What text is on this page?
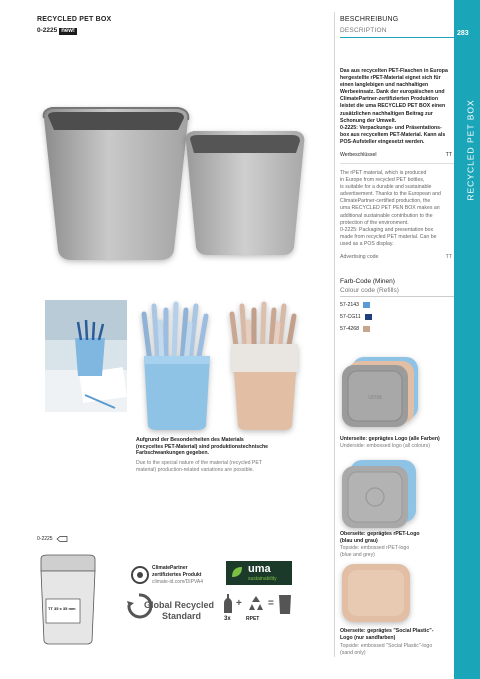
RECYCLED PET BOX
0-2225 new!
BESCHREIBUNG
DESCRIPTION	283
RECYCLED PET BOX
Das aus recycelten PET-Flaschen in Europa
hergestellte rPET-Material eignet sich für
einen langlebigen und nachhaltigen
Werbeeinsatz. Dank der europäischen und
ClimatePartner-zertifizierten Produktion
leistet die uma RECYCLED PET BOX einen
zusätzlichen nachhaltigen Beitrag zur
Schonung der Umwelt.
0-2225: Verpackungs- und Präsentations-
box aus recyceltem PET-Material. Kann als
POS-Aufsteller eingesetzt werden.
Werbeschlüssel	TT
The rPET material, which is produced
in Europe from recycled PET bottles,
is suitable for a durable and sustainable
advertisement. Thanks to the European and
ClimatePartner-certified production, the
uma RECYCLED PET PEN BOX makes an
additional sustainable contribution to the
protection of the environment.
0-2225: Packaging and presentation box
made from recycled PET material. Can be
used as a POS display.
Advertising code	TT
Farb-Code (Minen)
Colour code (Refills)
57-2143
57-CG11
57-4268
Aufgrund der Besonderheiten des Materials
(recyceltes PET-Material) sind produktionstechnische
Farbschwankungen gegeben.
Due to the special nature of the material (recycled PET
material) production-related variations are possible.
uma
Unterseite: geprägtes Logo (alle Farben)
Underside: embossed logo (all colours)
Oberseite: geprägtes rPET-Logo
(blau und grau)
Topside: embossed rPET-logo
(blue and grey)
Oberseite: geprägtes "Social Plastic"-
Logo (nur sandfarben)
Topside: embossed "Social Plastic"-logo
(sand only)
0-2225
TT 35 x 35 mm
ClimatePartner
zertifiziertes Produkt
climate-id.com/DIPVA4
uma
sustainability
Global Recycled
Standard	3x
+
RPET
=
